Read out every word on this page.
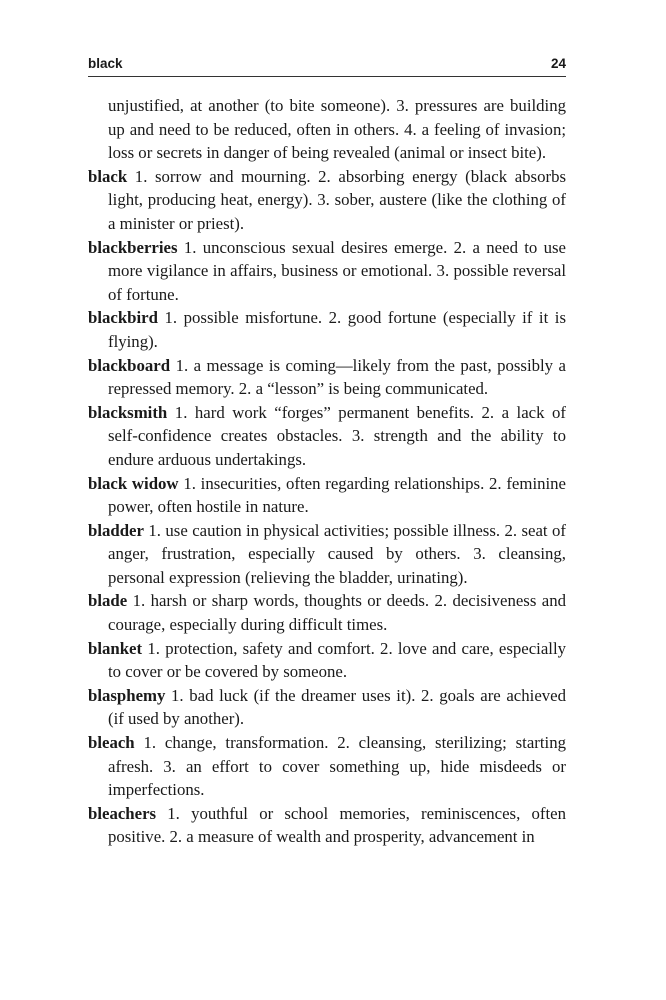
black	24

unjustified, at another (to bite someone). 3. pressures are building up and need to be reduced, often in others. 4. a feeling of invasion; loss or secrets in danger of being revealed (animal or insect bite).

black 1. sorrow and mourning. 2. absorbing energy (black absorbs light, producing heat, energy). 3. sober, austere (like the clothing of a minister or priest).

blackberries 1. unconscious sexual desires emerge. 2. a need to use more vigilance in affairs, business or emotional. 3. possible reversal of fortune.

blackbird 1. possible misfortune. 2. good fortune (especially if it is flying).

blackboard 1. a message is coming—likely from the past, possibly a repressed memory. 2. a “lesson” is being communicated.

blacksmith 1. hard work “forges” permanent benefits. 2. a lack of self-confidence creates obstacles. 3. strength and the ability to endure arduous undertakings.

black widow 1. insecurities, often regarding relationships. 2. feminine power, often hostile in nature.

bladder 1. use caution in physical activities; possible illness. 2. seat of anger, frustration, especially caused by others. 3. cleansing, personal expression (relieving the bladder, urinating).

blade 1. harsh or sharp words, thoughts or deeds. 2. decisiveness and courage, especially during difficult times.

blanket 1. protection, safety and comfort. 2. love and care, especially to cover or be covered by someone.

blasphemy 1. bad luck (if the dreamer uses it). 2. goals are achieved (if used by another).

bleach 1. change, transformation. 2. cleansing, sterilizing; starting afresh. 3. an effort to cover something up, hide misdeeds or imperfections.

bleachers 1. youthful or school memories, reminiscences, often positive. 2. a measure of wealth and prosperity, advancement in
